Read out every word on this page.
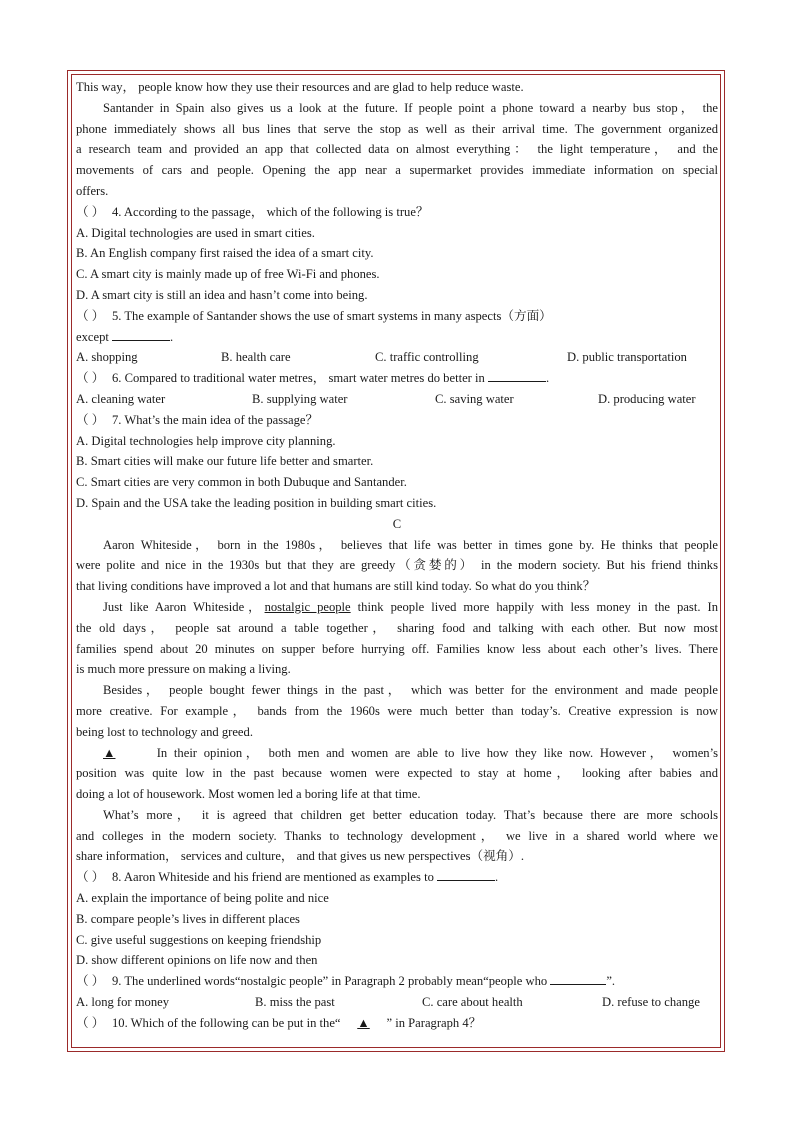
This way， people know how they use their resources and are glad to help reduce waste.
Santander in Spain also gives us a look at the future. If people point a phone toward a nearby bus stop， the
phone immediately shows all bus lines that serve the stop as well as their arrival time. The government organized
a research team and provided an app that collected data on almost everything： the light temperature， and the
movements of cars and people. Opening the app near a supermarket provides immediate information on special
offers.
（ ） 4. According to the passage， which of the following is true？
A. Digital technologies are used in smart cities.
B. An English company first raised the idea of a smart city.
C. A smart city is mainly made up of free Wi-Fi and phones.
D. A smart city is still an idea and hasn’t come into being.
（ ） 5. The example of Santander shows the use of smart systems in many aspects（方面）
except	.
A. shopping	B. health care	C. traffic controlling	D. public transportation
（ ） 6. Compared to traditional water metres， smart water metres do better in	.
A. cleaning water	B. supplying water	C. saving water	D. producing water
（ ） 7. What’s the main idea of the passage？
A. Digital technologies help improve city planning.
B. Smart cities will make our future life better and smarter.
C. Smart cities are very common in both Dubuque and Santander.
D. Spain and the USA take the leading position in building smart cities.
C
Aaron Whiteside， born in the 1980s， believes that life was better in times gone by. He thinks that people
were polite and nice in the 1930s but that they are greedy（贪婪的） in the modern society. But his friend thinks
that living conditions have improved a lot and that humans are still kind today. So what do you think？
Just like Aaron Whiteside，nostalgic people think people lived more happily with less money in the past. In
the old days， people sat around a table together， sharing food and talking with each other. But now most
families spend about 20 minutes on supper before hurrying off. Families know less about each other’s lives. There
is much more pressure on making a living.
Besides， people bought fewer things in the past， which was better for the environment and made people
more creative. For example， bands from the 1960s were much better than today’s. Creative expression is now
being lost to technology and greed.
▲	In their opinion， both men and women are able to live how they like now. However， women’s
position was quite low in the past because women were expected to stay at home， looking after babies and
doing a lot of housework. Most women led a boring life at that time.
What’s more， it is agreed that children get better education today. That’s because there are more schools
and colleges in the modern society. Thanks to technology development， we live in a shared world where we
share information， services and culture， and that gives us new perspectives（视角）.
（ ） 8. Aaron Whiteside and his friend are mentioned as examples to	.
A. explain the importance of being polite and nice
B. compare people’s lives in different places
C. give useful suggestions on keeping friendship
D. show different opinions on life now and then
（ ） 9. The underlined words“nostalgic people” in Paragraph 2 probably mean“people who	”.
A. long for money	B. miss the past	C. care about health	D. refuse to change
（ ） 10. Which of the following can be put in the“ ▲ ” in Paragraph 4？
